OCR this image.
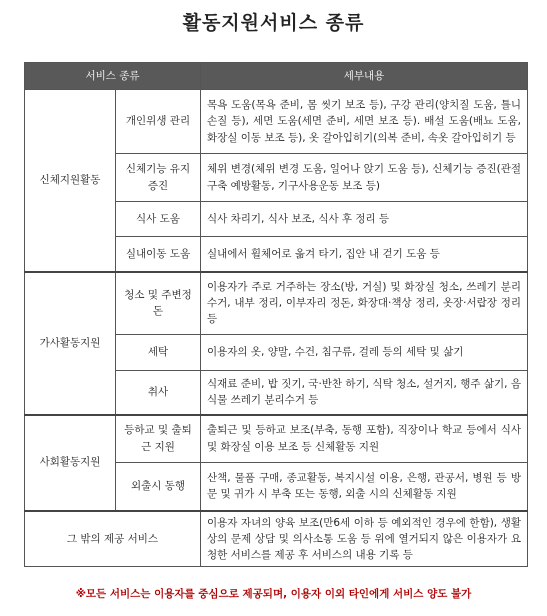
활동지원서비스 종류
서비스 종류		세부내용
신체지원활동	개인위생 관리	목욕 도움(목욕 준비, 몸 씻기 보조 등), 구강 관리(양치질 도움, 틀니 손질 등), 세면 도움(세면 준비, 세면 보조 등). 배설 도움(배뇨 도움, 화장실 이동 보조 등), 옷 갈아입히기(의복 준비, 속옷 갈아입히기 등
	신체기능 유지 증진	체위 변경(체위 변경 도움, 일어나 앉기 도움 등), 신체기능 증진(관절 구축 예방활동, 기구사용운동 보조 등)
	식사 도움	식사 차리기, 식사 보조, 식사 후 정리 등
	실내이동 도움	실내에서 휠체어로 옮겨 타기, 집안 내 걷기 도움 등
가사활동지원	청소 및 주변정돈	이용자가 주로 거주하는 장소(방, 거실) 및 화장실 청소, 쓰레기 분리 수거, 내부 정리, 이부자리 정돈, 화장대·책상 정리, 옷장·서랍장 정리 등
	세탁	이용자의 옷, 양말, 수건, 침구류, 걸레 등의 세탁 및 삶기
	취사	식재료 준비, 밥 짓기, 국·반찬 하기, 식탁 청소, 설거지, 행주 삶기, 음식물 쓰레기 분리수거 등
사회활동지원	등하교 및 출퇴근 지원	출퇴근 및 등하교 보조(부축, 동행 포함), 직장이나 학교 등에서 식사 및 화장실 이용 보조 등 신체활동 지원
	외출시 동행	산책, 물품 구매, 종교활동, 복지시설 이용, 은행, 관공서, 병원 등 방문 및 귀가 시 부축 또는 동행, 외출 시의 신체활동 지원
그 밖의 제공 서비스		이용자 자녀의 양육 보조(만6세 이하 등 예외적인 경우에 한함), 생활상의 문제 상담 및 의사소통 도움 등 위에 열거되지 않은 이용자가 요청한 서비스를 제공 후 서비스의 내용 기록 등
※모든 서비스는 이용자를 중심으로 제공되며, 이용자 이외 타인에게 서비스 양도 불가
